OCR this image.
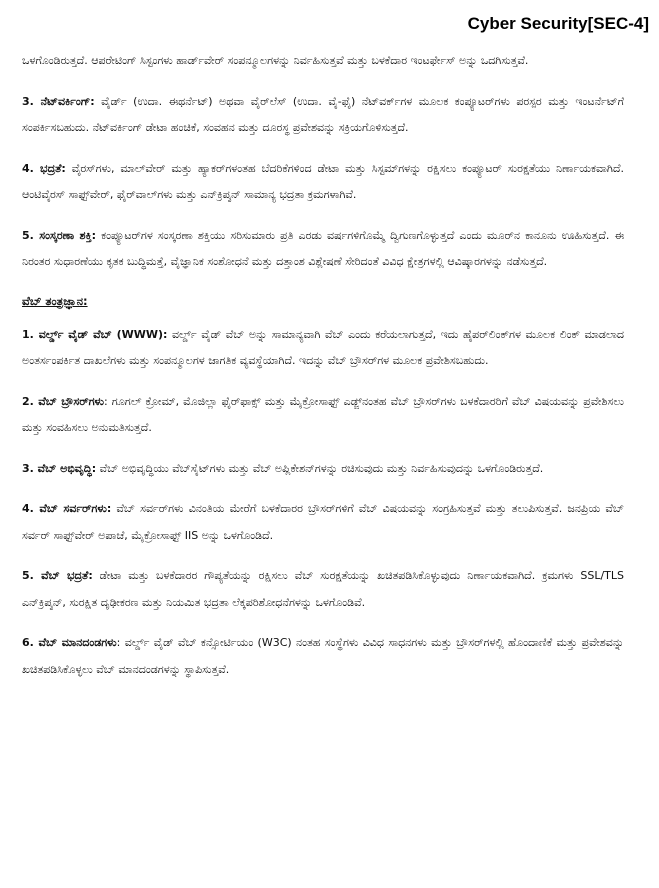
Cyber Security[SEC-4]

ಒಳಗೊಂಡಿರುತ್ತದೆ. ಆಪರೇಟಿಂಗ್ ಸಿಸ್ಟಂಗಳು ಹಾರ್ಡ್‌ವೇರ್ ಸಂಪನ್ಮೂಲಗಳನ್ನು ನಿರ್ವಹಿಸುತ್ತವೆ ಮತ್ತು ಬಳಕೆದಾರ ಇಂಟರ್ಫೇಸ್ ಅನ್ನು ಒದಗಿಸುತ್ತವೆ.

3. ನೆಟ್‌ವರ್ಕಿಂಗ್: ವೈರ್ಡ್ (ಉದಾ. ಈಥರ್ನೆಟ್) ಅಥವಾ ವೈರ್‌ಲೆಸ್ (ಉದಾ. ವೈ-ಫೈ) ನೆಟ್‌ವರ್ಕ್‌ಗಳ ಮೂಲಕ ಕಂಪ್ಯೂಟರ್‌ಗಳು ಪರಸ್ಪರ ಮತ್ತು ಇಂಟರ್ನೆಟ್‌ಗೆ ಸಂಪರ್ಕಿಸಬಹುದು. ನೆಟ್‌ವರ್ಕಿಂಗ್ ಡೇಟಾ ಹಂಚಿಕೆ, ಸಂವಹನ ಮತ್ತು ದೂರಸ್ಥ ಪ್ರವೇಶವನ್ನು ಸಕ್ರಿಯಗೊಳಿಸುತ್ತದೆ.

4. ಭದ್ರತೆ: ವೈರಸ್‌ಗಳು, ಮಾಲ್‌ವೇರ್ ಮತ್ತು ಹ್ಯಾಕರ್‌ಗಳಂತಹ ಬೆದರಿಕೆಗಳಿಂದ ಡೇಟಾ ಮತ್ತು ಸಿಸ್ಟಮ್‌ಗಳನ್ನು ರಕ್ಷಿಸಲು ಕಂಪ್ಯೂಟರ್ ಸುರಕ್ಷತೆಯು ನಿರ್ಣಾಯಕವಾಗಿದೆ. ಆಂಟಿವೈರಸ್ ಸಾಫ್ಟ್‌ವೇರ್, ಫೈರ್‌ವಾಲ್‌ಗಳು ಮತ್ತು ಎನ್‌ಕ್ರಿಪ್ಶನ್ ಸಾಮಾನ್ಯ ಭದ್ರತಾ ಕ್ರಮಗಳಾಗಿವೆ.

5. ಸಂಸ್ಕರಣಾ ಶಕ್ತಿ: ಕಂಪ್ಯೂಟರ್‌ಗಳ ಸಂಸ್ಕರಣಾ ಶಕ್ತಿಯು ಸರಿಸುಮಾರು ಪ್ರತಿ ಎರಡು ವರ್ಷಗಳಿಗೊಮ್ಮೆ ದ್ವಿಗುಣಗೊಳ್ಳುತ್ತದೆ ಎಂದು ಮೂರ್‌ನ ಕಾನೂನು ಊಹಿಸುತ್ತದೆ. ಈ ನಿರಂತರ ಸುಧಾರಣೆಯು ಕೃತಕ ಬುದ್ಧಿಮತ್ತೆ, ವೈಜ್ಞಾನಿಕ ಸಂಶೋಧನೆ ಮತ್ತು ದತ್ತಾಂಶ ವಿಶ್ಲೇಷಣೆ ಸೇರಿದಂತೆ ವಿವಿಧ ಕ್ಷೇತ್ರಗಳಲ್ಲಿ ಆವಿಷ್ಕಾರಗಳನ್ನು ನಡೆಸುತ್ತದೆ.

ವೆಬ್ ತಂತ್ರಜ್ಞಾನ:

1. ವರ್ಲ್ಡ್ ವೈಡ್ ವೆಬ್ (WWW): ವರ್ಲ್ಡ್ ವೈಡ್ ವೆಬ್ ಅನ್ನು ಸಾಮಾನ್ಯವಾಗಿ ವೆಬ್ ಎಂದು ಕರೆಯಲಾಗುತ್ತದೆ, ಇದು ಹೈಪರ್‌ಲಿಂಕ್‌ಗಳ ಮೂಲಕ ಲಿಂಕ್ ಮಾಡಲಾದ ಅಂತರ್ಸಂಪರ್ಕಿತ ದಾಖಲೆಗಳು ಮತ್ತು ಸಂಪನ್ಮೂಲಗಳ ಜಾಗತಿಕ ವ್ಯವಸ್ಥೆಯಾಗಿದೆ. ಇದನ್ನು ವೆಬ್ ಬ್ರೌಸರ್‌ಗಳ ಮೂಲಕ ಪ್ರವೇಶಿಸಬಹುದು.

2. ವೆಬ್ ಬ್ರೌಸರ್‌ಗಳು: ಗೂಗಲ್ ಕ್ರೋಮ್, ಮೊಜಿಲ್ಲಾ ಫೈರ್‌ಫಾಕ್ಸ್ ಮತ್ತು ಮೈಕ್ರೋಸಾಫ್ಟ್ ಎಡ್ಜ್‌ನಂತಹ ವೆಬ್ ಬ್ರೌಸರ್‌ಗಳು ಬಳಕೆದಾರರಿಗೆ ವೆಬ್ ವಿಷಯವನ್ನು ಪ್ರವೇಶಿಸಲು ಮತ್ತು ಸಂವಹಿಸಲು ಅನುಮತಿಸುತ್ತದೆ.

3. ವೆಬ್ ಅಭಿವೃದ್ಧಿ: ವೆಬ್ ಅಭಿವೃದ್ಧಿಯು ವೆಬ್‌ಸೈಟ್‌ಗಳು ಮತ್ತು ವೆಬ್ ಅಪ್ಲಿಕೇಶನ್‌ಗಳನ್ನು ರಚಿಸುವುದು ಮತ್ತು ನಿರ್ವಹಿಸುವುದನ್ನು ಒಳಗೊಂಡಿರುತ್ತದೆ.

4. ವೆಬ್ ಸರ್ವರ್‌ಗಳು: ವೆಬ್ ಸರ್ವರ್‌ಗಳು ವಿನಂತಿಯ ಮೇರೆಗೆ ಬಳಕೆದಾರರ ಬ್ರೌಸರ್‌ಗಳಿಗೆ ವೆಬ್ ವಿಷಯವನ್ನು ಸಂಗ್ರಹಿಸುತ್ತವೆ ಮತ್ತು ತಲುಪಿಸುತ್ತವೆ. ಜನಪ್ರಿಯ ವೆಬ್ ಸರ್ವರ್ ಸಾಫ್ಟ್‌ವೇರ್ ಅಪಾಚೆ, ಮೈಕ್ರೋಸಾಫ್ಟ್ IIS ಅನ್ನು ಒಳಗೊಂಡಿದೆ.

5. ವೆಬ್ ಭದ್ರತೆ: ಡೇಟಾ ಮತ್ತು ಬಳಕೆದಾರರ ಗೌಪ್ಯತೆಯನ್ನು ರಕ್ಷಿಸಲು ವೆಬ್ ಸುರಕ್ಷತೆಯನ್ನು ಖಚಿತಪಡಿಸಿಕೊಳ್ಳುವುದು ನಿರ್ಣಾಯಕವಾಗಿದೆ. ಕ್ರಮಗಳು SSL/TLS ಎನ್‌ಕ್ರಿಪ್ಶನ್, ಸುರಕ್ಷಿತ ದೃಢೀಕರಣ ಮತ್ತು ನಿಯಮಿತ ಭದ್ರತಾ ಲೆಕ್ಕಪರಿಶೋಧನೆಗಳನ್ನು ಒಳಗೊಂಡಿವೆ.

6. ವೆಬ್ ಮಾನದಂಡಗಳು: ವರ್ಲ್ಡ್ ವೈಡ್ ವೆಬ್ ಕನ್ಸೋರ್ಟಿಯಂ (W3C) ನಂತಹ ಸಂಸ್ಥೆಗಳು ವಿವಿಧ ಸಾಧನಗಳು ಮತ್ತು ಬ್ರೌಸರ್‌ಗಳಲ್ಲಿ ಹೊಂದಾಣಿಕೆ ಮತ್ತು ಪ್ರವೇಶವನ್ನು ಖಚಿತಪಡಿಸಿಕೊಳ್ಳಲು ವೆಬ್ ಮಾನದಂಡಗಳನ್ನು ಸ್ಥಾಪಿಸುತ್ತವೆ.
